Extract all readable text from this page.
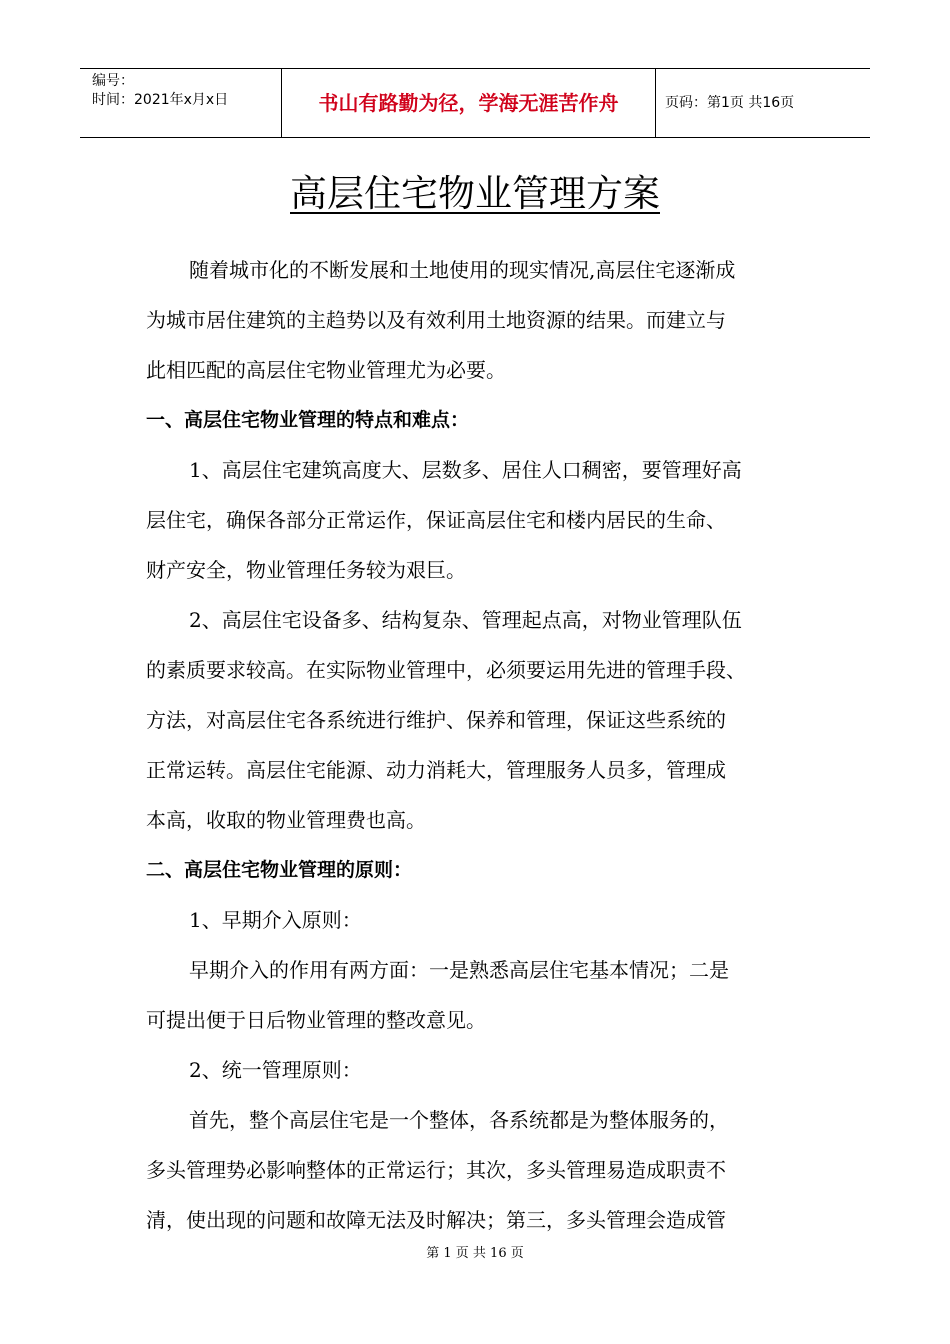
编号：
时间：2021年x月x日	书山有路勤为径，学海无涯苦作舟	页码：第1页 共16页
高层住宅物业管理方案
随着城市化的不断发展和土地使用的现实情况,高层住宅逐渐成
为城市居住建筑的主趋势以及有效利用土地资源的结果。而建立与
此相匹配的高层住宅物业管理尤为必要。
一、高层住宅物业管理的特点和难点：
1、高层住宅建筑高度大、层数多、居住人口稠密，要管理好高
层住宅，确保各部分正常运作，保证高层住宅和楼内居民的生命、
财产安全，物业管理任务较为艰巨。
2、高层住宅设备多、结构复杂、管理起点高，对物业管理队伍
的素质要求较高。在实际物业管理中，必须要运用先进的管理手段、
方法，对高层住宅各系统进行维护、保养和管理，保证这些系统的
正常运转。高层住宅能源、动力消耗大，管理服务人员多，管理成
本高，收取的物业管理费也高。
二、高层住宅物业管理的原则：
1、早期介入原则：
早期介入的作用有两方面：一是熟悉高层住宅基本情况；二是
可提出便于日后物业管理的整改意见。
2、统一管理原则：
首先，整个高层住宅是一个整体，各系统都是为整体服务的，
多头管理势必影响整体的正常运行；其次，多头管理易造成职责不
清，使出现的问题和故障无法及时解决；第三，多头管理会造成管
第 1 页 共 16 页
